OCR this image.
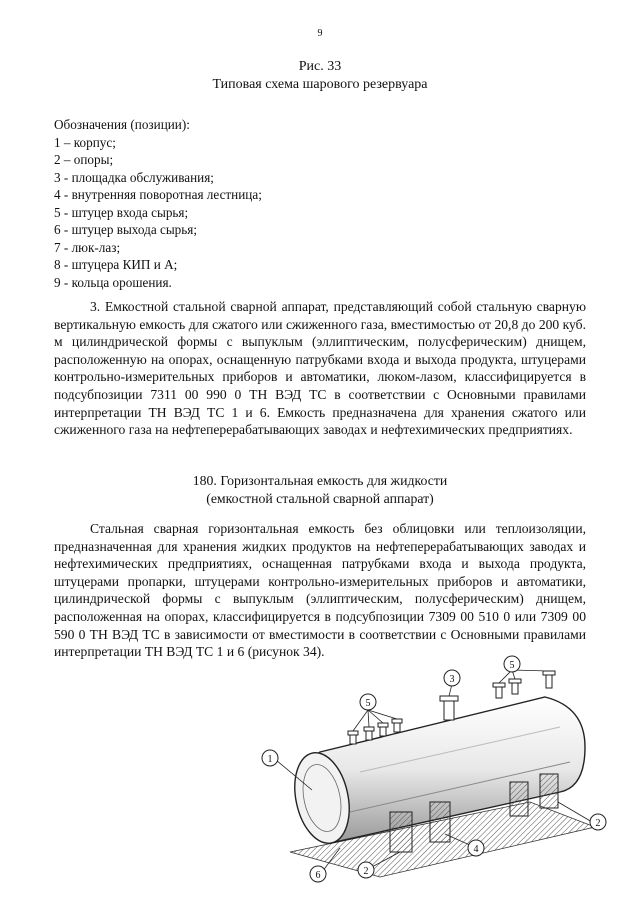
9
Рис. 33
Типовая схема шарового резервуара
Обозначения (позиции):
1 – корпус;
2 – опоры;
3 - площадка обслуживания;
4 - внутренняя поворотная лестница;
5 - штуцер входа сырья;
6 - штуцер выхода сырья;
7 - люк-лаз;
8 - штуцера КИП и А;
9 - кольца орошения.
3. Емкостной стальной сварной аппарат, представляющий собой стальную сварную вертикальную емкость для сжатого или сжиженного газа, вместимостью от 20,8 до 200 куб. м цилиндрической формы с выпуклым (эллиптическим, полусферическим) днищем, расположенную на опорах, оснащенную патрубками входа и выхода продукта, штуцерами контрольно-измерительных приборов и автоматики, люком-лазом, классифицируется в подсубпозиции 7311 00 990 0 ТН ВЭД ТС в соответствии с Основными правилами интерпретации ТН ВЭД ТС 1 и 6. Емкость предназначена для хранения сжатого или сжиженного газа на нефтеперерабатывающих заводах и нефтехимических предприятиях.
180. Горизонтальная емкость для жидкости
(емкостной стальной сварной аппарат)
Стальная сварная горизонтальная емкость без облицовки или теплоизоляции, предназначенная для хранения жидких продуктов на нефтеперерабатывающих заводах и нефтехимических предприятиях, оснащенная патрубками входа и выхода продукта, штуцерами пропарки, штуцерами контрольно-измерительных приборов и автоматики, цилиндрической формы с выпуклым (эллиптическим, полусферическим) днищем, расположенная на опорах, классифицируется в подсубпозиции 7309 00 510 0 или 7309 00 590 0 ТН ВЭД ТС в зависимости от вместимости в соответствии с Основными правилами интерпретации ТН ВЭД ТС 1 и 6 (рисунок 34).
1
2
2
3
4
5
5
6
